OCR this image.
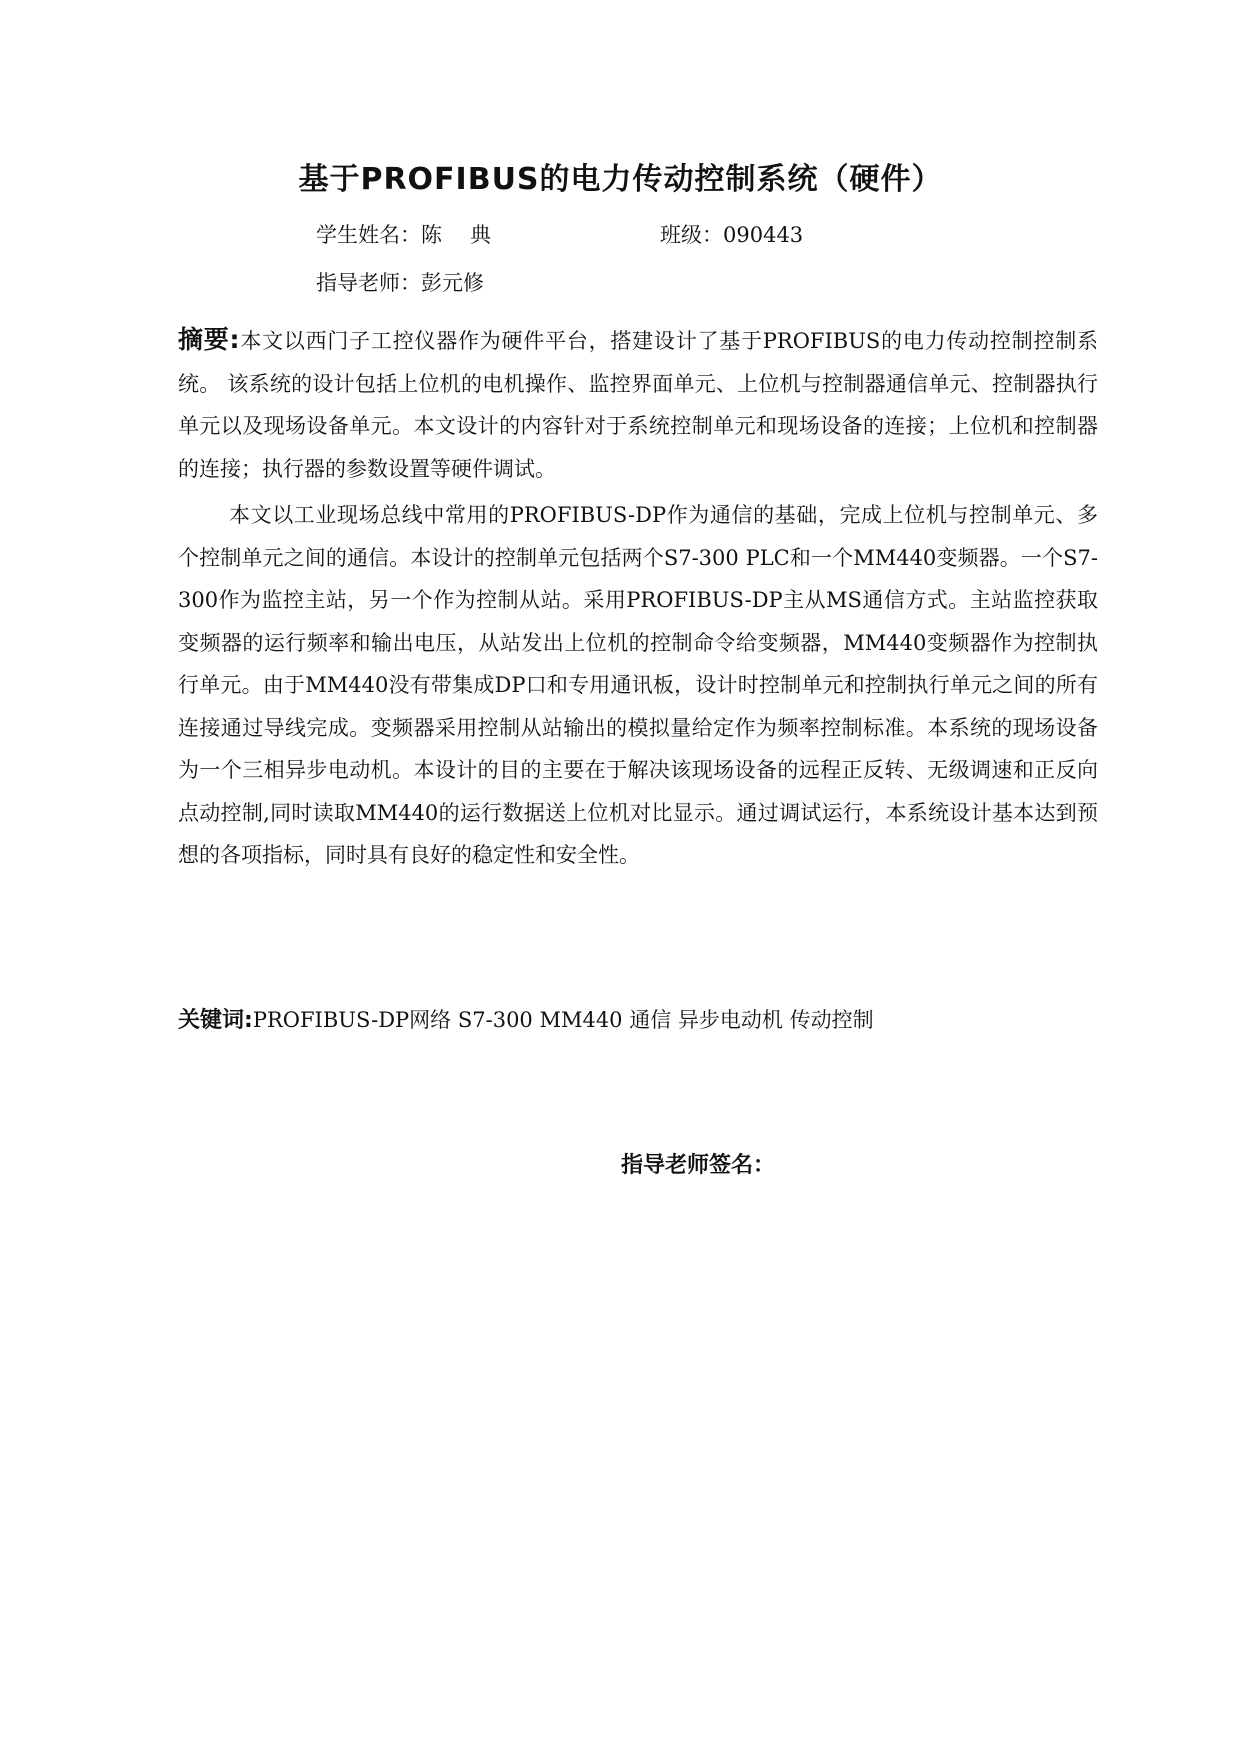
基于PROFIBUS的电力传动控制系统（硬件）
学生姓名：陈 典	班级：090443
指导老师：彭元修

摘要:本文以西门子工控仪器作为硬件平台，搭建设计了基于PROFIBUS的电力传动控制控制系统。 该系统的设计包括上位机的电机操作、监控界面单元、上位机与控制器通信单元、控制器执行单元以及现场设备单元。本文设计的内容针对于系统控制单元和现场设备的连接；上位机和控制器的连接；执行器的参数设置等硬件调试。

本文以工业现场总线中常用的PROFIBUS-DP作为通信的基础，完成上位机与控制单元、多个控制单元之间的通信。本设计的控制单元包括两个S7-300 PLC和一个MM440变频器。一个S7-300作为监控主站，另一个作为控制从站。采用PROFIBUS-DP主从MS通信方式。主站监控获取变频器的运行频率和输出电压，从站发出上位机的控制命令给变频器，MM440变频器作为控制执行单元。由于MM440没有带集成DP口和专用通讯板，设计时控制单元和控制执行单元之间的所有连接通过导线完成。变频器采用控制从站输出的模拟量给定作为频率控制标准。本系统的现场设备为一个三相异步电动机。本设计的目的主要在于解决该现场设备的远程正反转、无级调速和正反向点动控制,同时读取MM440的运行数据送上位机对比显示。通过调试运行，本系统设计基本达到预想的各项指标，同时具有良好的稳定性和安全性。

关键词:PROFIBUS-DP网络 S7-300 MM440 通信 异步电动机 传动控制
指导老师签名：
